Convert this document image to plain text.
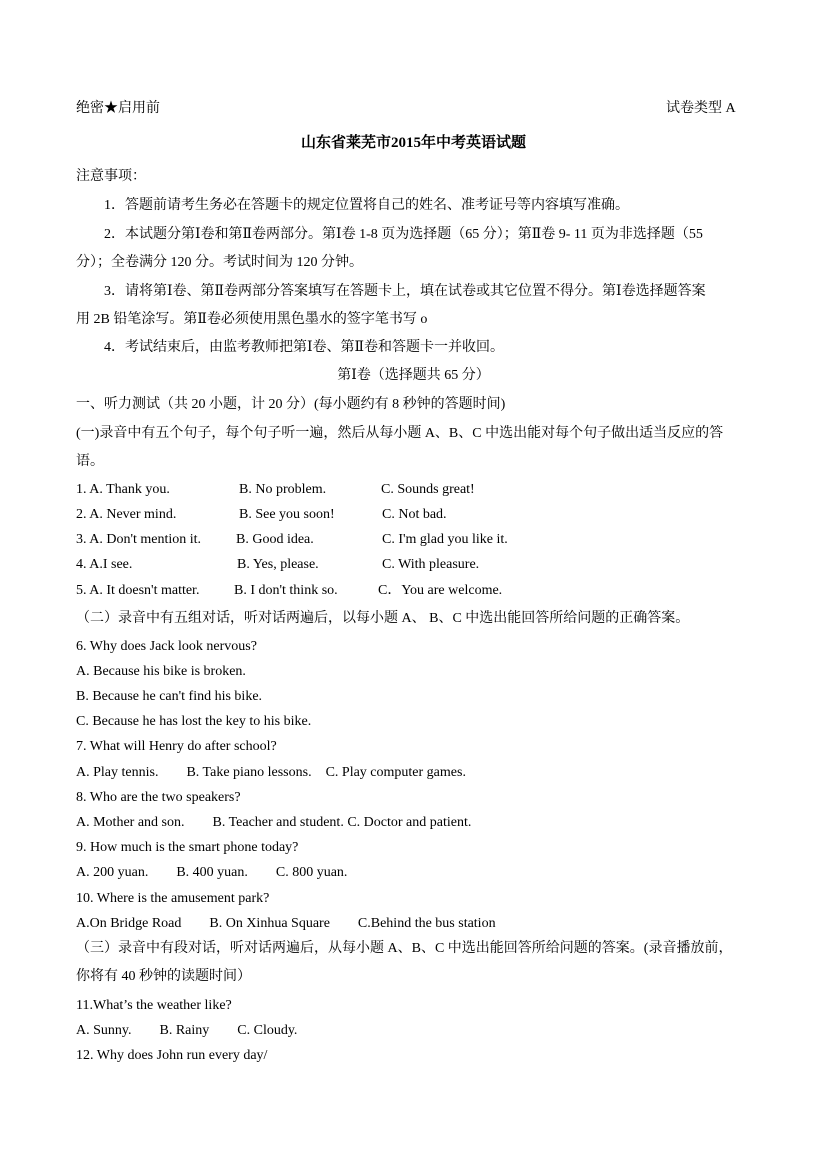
绝密★启用前	试卷类型 A
山东省莱芜市2015年中考英语试题
注意事项：
1．答题前请考生务必在答题卡的规定位置将自己的姓名、准考证号等内容填写准确。
2．本试题分第Ⅰ卷和第Ⅱ卷两部分。第Ⅰ卷 1-8 页为选择题（65 分）；第Ⅱ卷 9- 11 页为非选择题（55
分）；全卷满分 120 分。考试时间为 120 分钟。
3．请将第Ⅰ卷、第Ⅱ卷两部分答案填写在答题卡上，填在试卷或其它位置不得分。第Ⅰ卷选择题答案
用 2B 铅笔涂写。第Ⅱ卷必须使用黑色墨水的签字笔书写 o
4．考试结束后，由监考教师把第Ⅰ卷、第Ⅱ卷和答题卡一并收回。
第Ⅰ卷（选择题共 65 分）
一、听力测试（共 20 小题，计 20 分）(每小题约有 8 秒钟的答题时间)
(一)录音中有五个句子，每个句子听一遍，然后从每小题 A、B、C 中选出能对每个句子做出适当反应的答
语。
1. A. Thank you.	B. No problem.	C. Sounds great!
2. A. Never mind.	B. See you soon!	C. Not bad.
3. A. Don't mention it. B. Good idea.	C. I'm glad you like it.
4. A.I see.	B. Yes, please.	C. With pleasure.
5. A. It doesn't matter. B. I don't think so.	C．You are welcome.
（二）录音中有五组对话，听对话两遍后，以每小题 A、 B、C 中选出能回答所给问题的正确答案。
6. Why does Jack look nervous?
A. Because his bike is broken.
B. Because he can't find his bike.
C. Because he has lost the key to his bike.
7. What will Henry do after school?
A. Play tennis.        B. Take piano lessons.    C. Play computer games.
8. Who are the two speakers?
A. Mother and son.        B. Teacher and student. C. Doctor and patient.
9. How much is the smart phone today?
A. 200 yuan.        B. 400 yuan.        C. 800 yuan.
10. Where is the amusement park?
A.On Bridge Road        B. On Xinhua Square        C.Behind the bus station
（三）录音中有段对话，听对话两遍后，从每小题 A、B、C 中选出能回答所给问题的答案。(录音播放前，
你将有 40 秒钟的读题时间）
11.What’s the weather like?
A. Sunny.        B. Rainy        C. Cloudy.
12. Why does John run every day/
